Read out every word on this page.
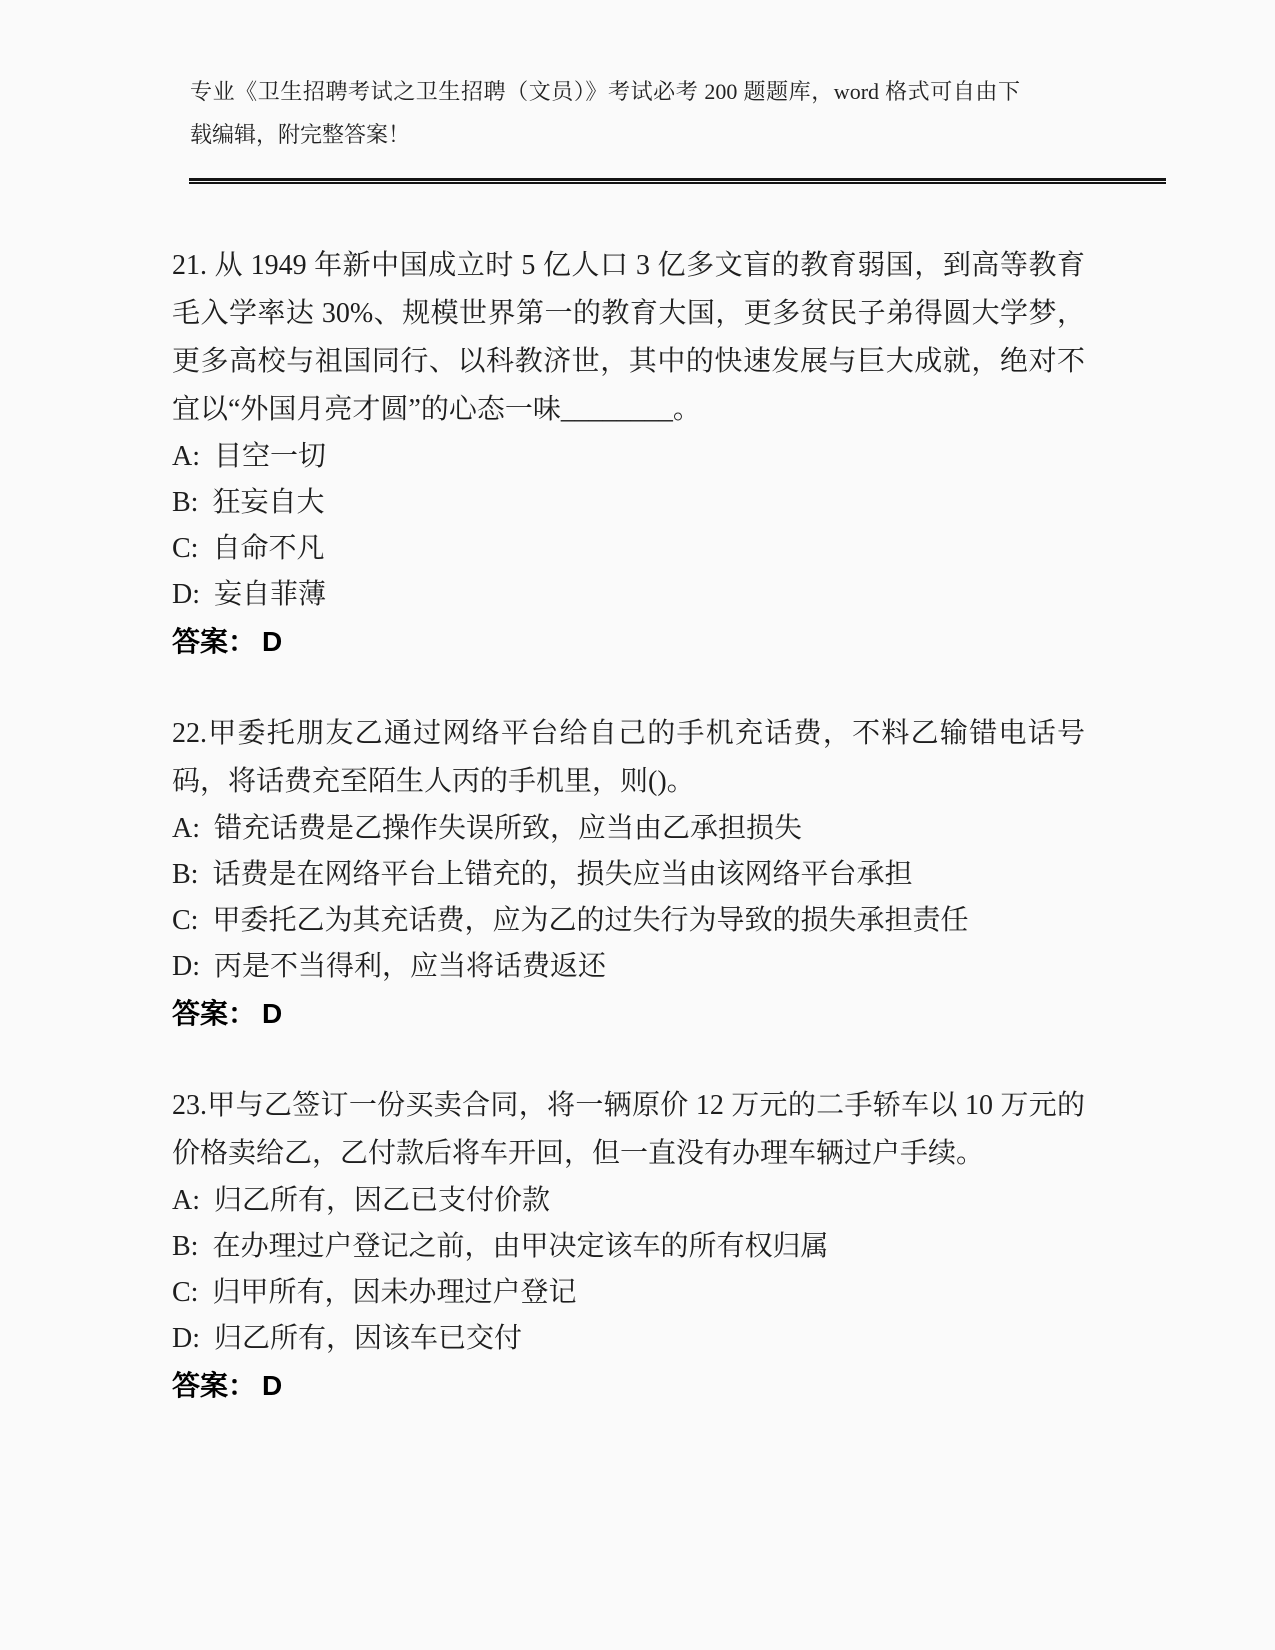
专业《卫生招聘考试之卫生招聘（文员）》考试必考 200 题题库，word 格式可自由下载编辑，附完整答案！

21. 从 1949 年新中国成立时 5 亿人口 3 亿多文盲的教育弱国，到高等教育毛入学率达 30%、规模世界第一的教育大国，更多贫民子弟得圆大学梦，更多高校与祖国同行、以科教济世，其中的快速发展与巨大成就，绝对不宜以“外国月亮才圆”的心态一味________。

A: 目空一切
B: 狂妄自大
C: 自命不凡
D: 妄自菲薄
答案： D

22.甲委托朋友乙通过网络平台给自己的手机充话费，不料乙输错电话号码，将话费充至陌生人丙的手机里，则()。

A: 错充话费是乙操作失误所致，应当由乙承担损失
B: 话费是在网络平台上错充的，损失应当由该网络平台承担
C: 甲委托乙为其充话费，应为乙的过失行为导致的损失承担责任
D: 丙是不当得利，应当将话费返还
答案： D

23.甲与乙签订一份买卖合同，将一辆原价 12 万元的二手轿车以 10 万元的价格卖给乙，乙付款后将车开回，但一直没有办理车辆过户手续。

A: 归乙所有，因乙已支付价款
B: 在办理过户登记之前，由甲决定该车的所有权归属
C: 归甲所有，因未办理过户登记
D: 归乙所有，因该车已交付
答案： D
